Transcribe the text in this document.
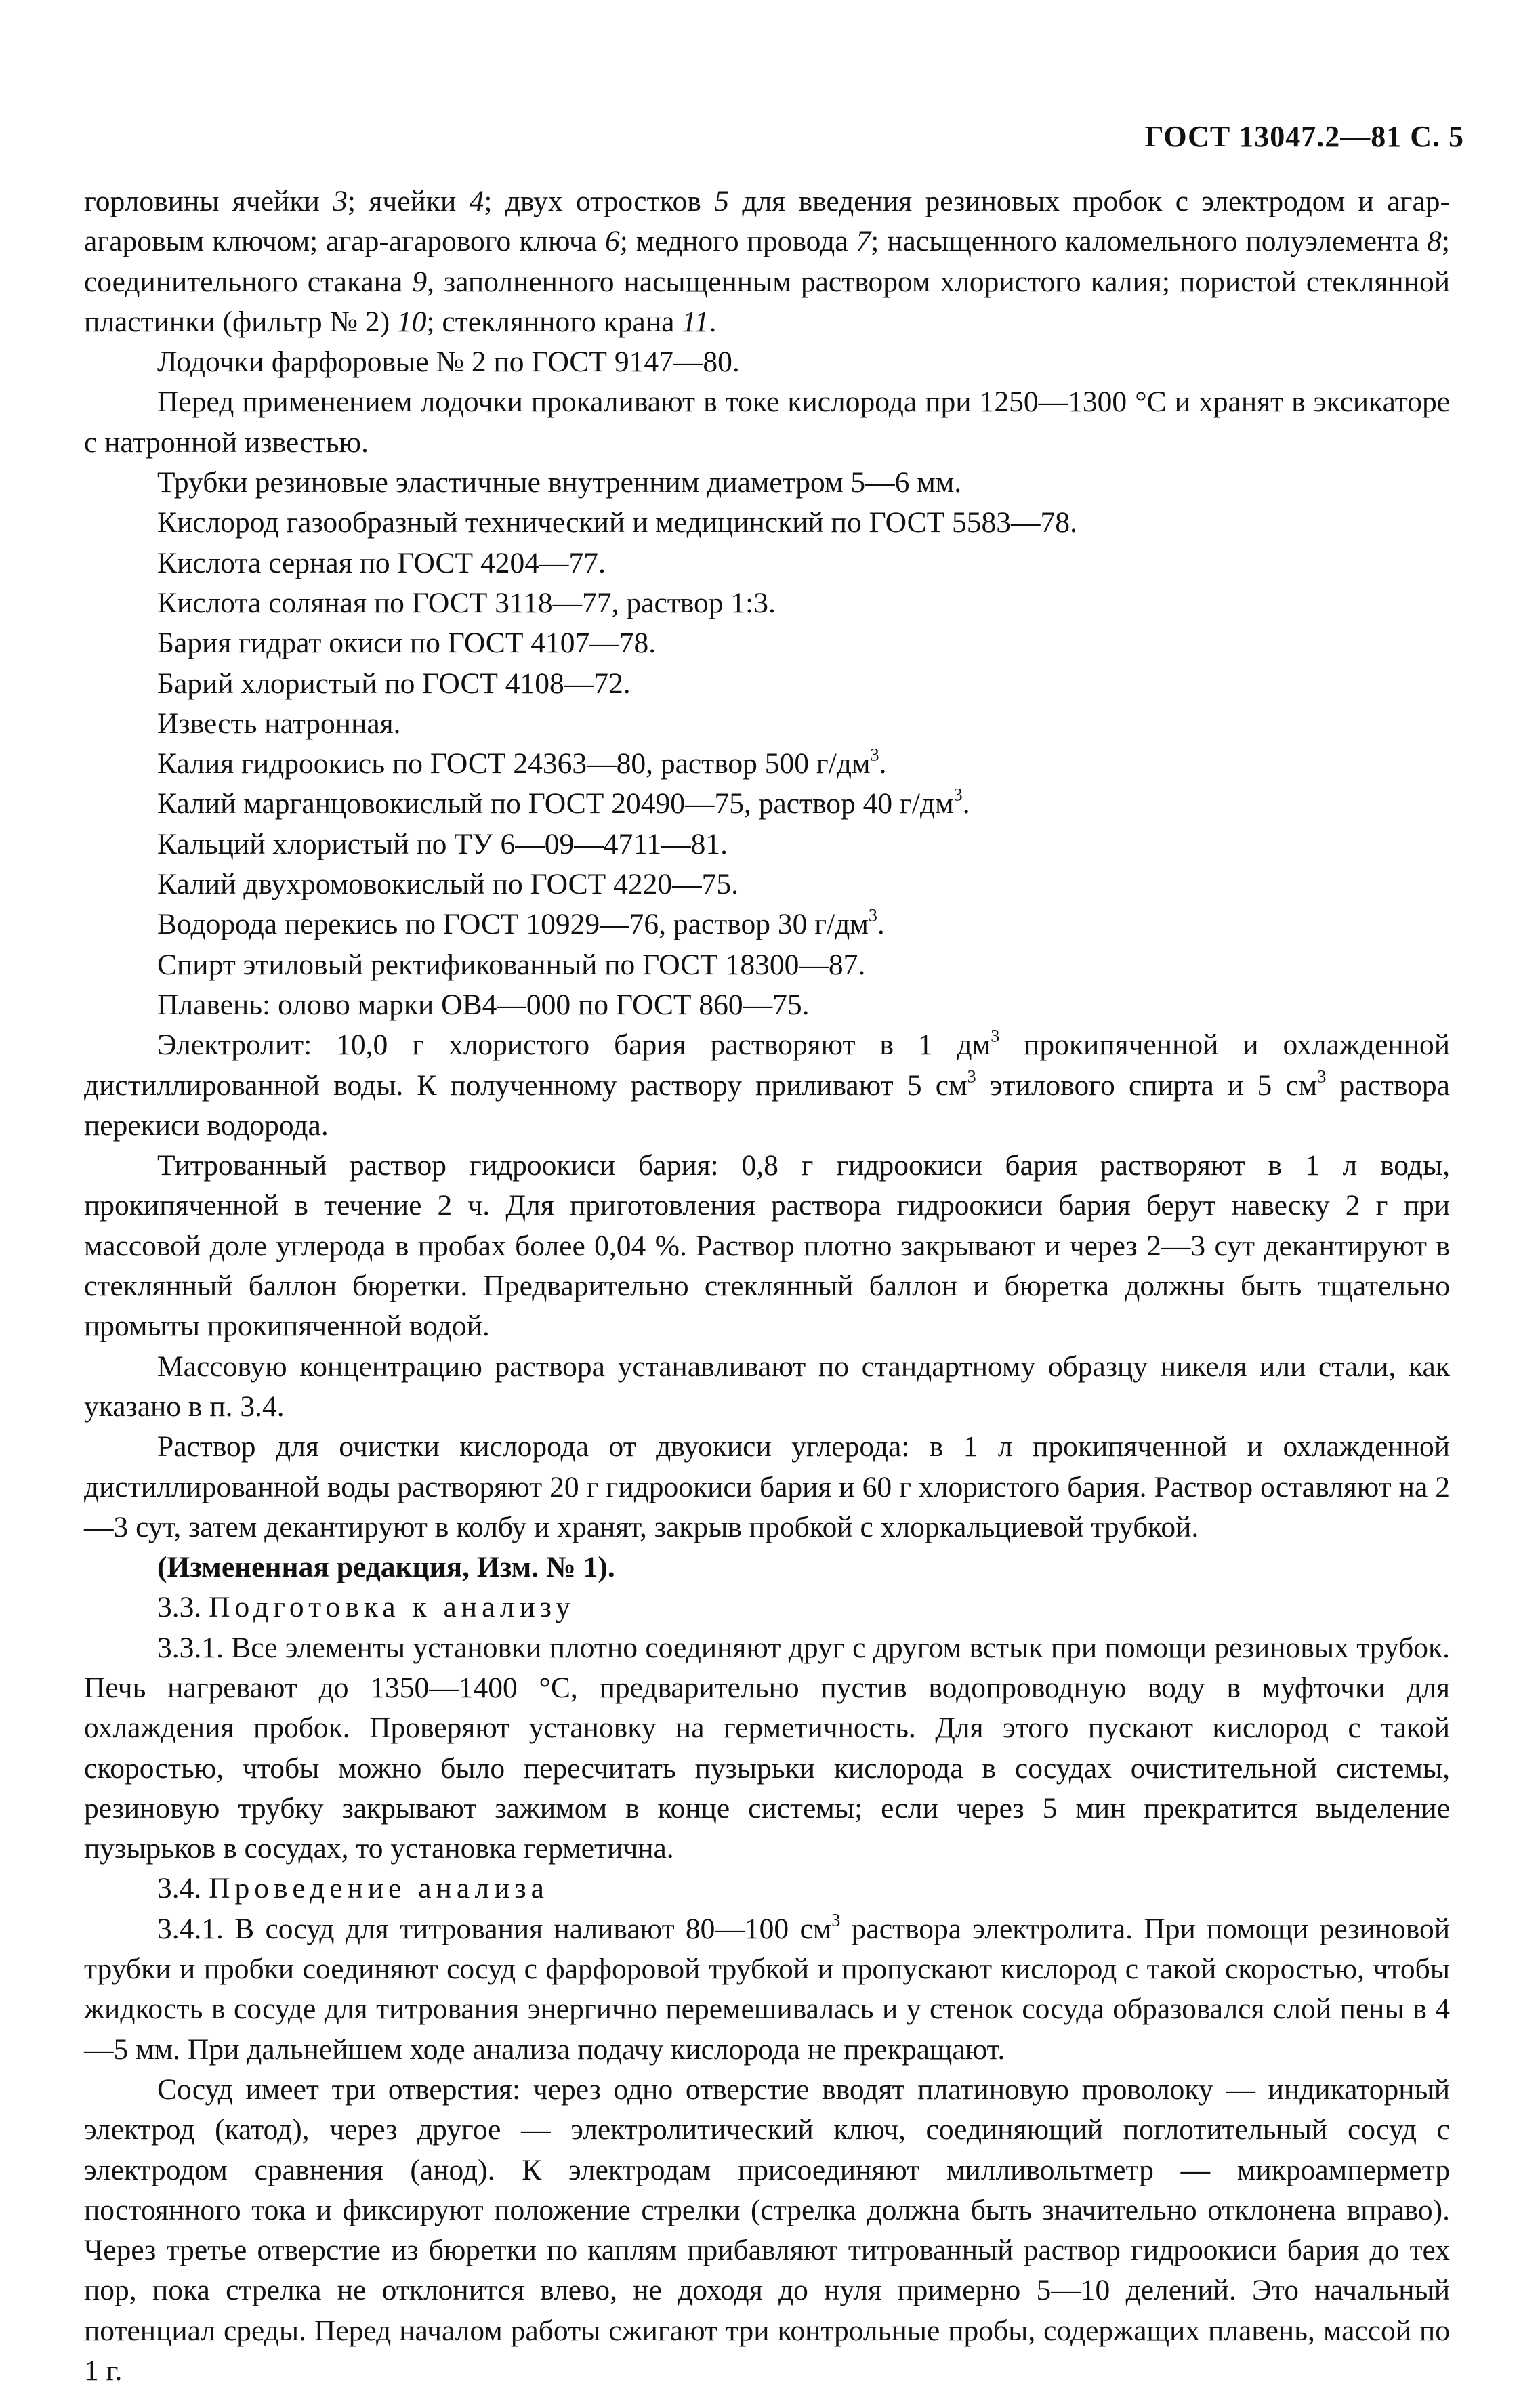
ГОСТ 13047.2—81 С. 5

горловины ячейки 3; ячейки 4; двух отростков 5 для введения резиновых пробок с электродом и агар-агаровым ключом; агар-агарового ключа 6; медного провода 7; насыщенного каломельного полуэлемента 8; соединительного стакана 9, заполненного насыщенным раствором хлористого калия; пористой стеклянной пластинки (фильтр № 2) 10; стеклянного крана 11.

Лодочки фарфоровые № 2 по ГОСТ 9147—80.

Перед применением лодочки прокаливают в токе кислорода при 1250—1300 °С и хранят в эксикаторе с натронной известью.

Трубки резиновые эластичные внутренним диаметром 5—6 мм.

Кислород газообразный технический и медицинский по ГОСТ 5583—78.

Кислота серная по ГОСТ 4204—77.

Кислота соляная по ГОСТ 3118—77, раствор 1:3.

Бария гидрат окиси по ГОСТ 4107—78.

Барий хлористый по ГОСТ 4108—72.

Известь натронная.

Калия гидроокись по ГОСТ 24363—80, раствор 500 $г/дм^3$.

Калий марганцовокислый по ГОСТ 20490—75, раствор 40 $г/дм^3$.

Кальций хлористый по ТУ 6—09—4711—81.

Калий двухромовокислый по ГОСТ 4220—75.

Водорода перекись по ГОСТ 10929—76, раствор 30 $г/дм^3$.

Спирт этиловый ректификованный по ГОСТ 18300—87.

Плавень: олово марки ОВ4—000 по ГОСТ 860—75.

Электролит: 10,0 г хлористого бария растворяют в 1 $дм^3$ прокипяченной и охлажденной дистиллированной воды. К полученному раствору приливают 5 $см^3$ этилового спирта и 5 $см^3$ раствора перекиси водорода.

Титрованный раствор гидроокиси бария: 0,8 г гидроокиси бария растворяют в 1 л воды, прокипяченной в течение 2 ч. Для приготовления раствора гидроокиси бария берут навеску 2 г при массовой доле углерода в пробах более 0,04 %. Раствор плотно закрывают и через 2—3 сут декантируют в стеклянный баллон бюретки. Предварительно стеклянный баллон и бюретка должны быть тщательно промыты прокипяченной водой.

Массовую концентрацию раствора устанавливают по стандартному образцу никеля или стали, как указано в п. 3.4.

Раствор для очистки кислорода от двуокиси углерода: в 1 л прокипяченной и охлажденной дистиллированной воды растворяют 20 г гидроокиси бария и 60 г хлористого бария. Раствор оставляют на 2—3 сут, затем декантируют в колбу и хранят, закрыв пробкой с хлоркальциевой трубкой.

(Измененная редакция, Изм. № 1).

3.3. Подготовка к анализу

3.3.1. Все элементы установки плотно соединяют друг с другом встык при помощи резиновых трубок. Печь нагревают до 1350—1400 °С, предварительно пустив водопроводную воду в муфточки для охлаждения пробок. Проверяют установку на герметичность. Для этого пускают кислород с такой скоростью, чтобы можно было пересчитать пузырьки кислорода в сосудах очистительной системы, резиновую трубку закрывают зажимом в конце системы; если через 5 мин прекратится выделение пузырьков в сосудах, то установка герметична.

3.4. Проведение анализа

3.4.1. В сосуд для титрования наливают 80—100 $см^3$ раствора электролита. При помощи резиновой трубки и пробки соединяют сосуд с фарфоровой трубкой и пропускают кислород с такой скоростью, чтобы жидкость в сосуде для титрования энергично перемешивалась и у стенок сосуда образовался слой пены в 4—5 мм. При дальнейшем ходе анализа подачу кислорода не прекращают.

Сосуд имеет три отверстия: через одно отверстие вводят платиновую проволоку — индикаторный электрод (катод), через другое — электролитический ключ, соединяющий поглотительный сосуд с электродом сравнения (анод). К электродам присоединяют милливольтметр — микроамперметр постоянного тока и фиксируют положение стрелки (стрелка должна быть значительно отклонена вправо). Через третье отверстие из бюретки по каплям прибавляют титрованный раствор гидроокиси бария до тех пор, пока стрелка не отклонится влево, не доходя до нуля примерно 5—10 делений. Это начальный потенциал среды. Перед началом работы сжигают три контрольные пробы, содержащих плавень, массой по 1 г.
